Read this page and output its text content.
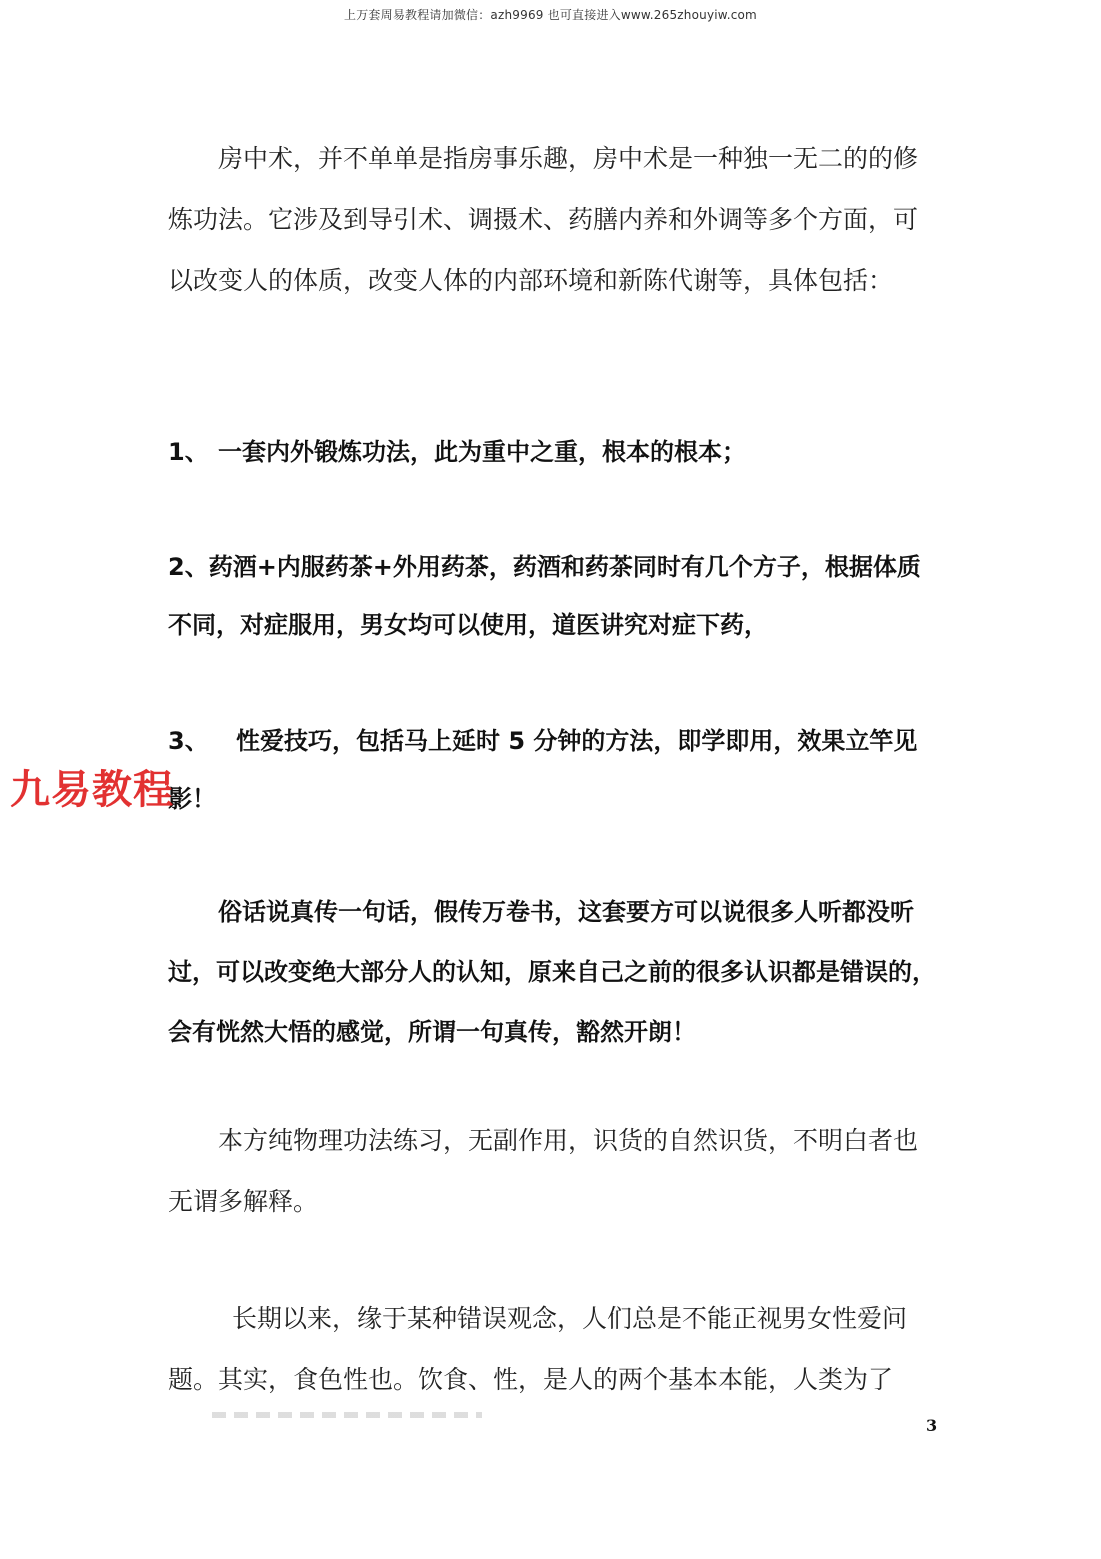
上万套周易教程请加微信：azh9969 也可直接进入www.265zhouyiw.com

房中术，并不单单是指房事乐趣，房中术是一种独一无二的的修炼功法。它涉及到导引术、调摄术、药膳内养和外调等多个方面，可以改变人的体质，改变人体的内部环境和新陈代谢等，具体包括：

1、 一套内外锻炼功法，此为重中之重，根本的根本；

2、药酒+内服药茶+外用药茶，药酒和药茶同时有几个方子，根据体质不同，对症服用，男女均可以使用，道医讲究对症下药，

3、 性爱技巧，包括马上延时 5 分钟的方法，即学即用，效果立竿见影！

九易教程

俗话说真传一句话，假传万卷书，这套要方可以说很多人听都没听过，可以改变绝大部分人的认知，原来自己之前的很多认识都是错误的，会有恍然大悟的感觉，所谓一句真传，豁然开朗！

本方纯物理功法练习，无副作用，识货的自然识货，不明白者也无谓多解释。

长期以来，缘于某种错误观念，人们总是不能正视男女性爱问题。其实，食色性也。饮食、性，是人的两个基本本能，人类为了

3
